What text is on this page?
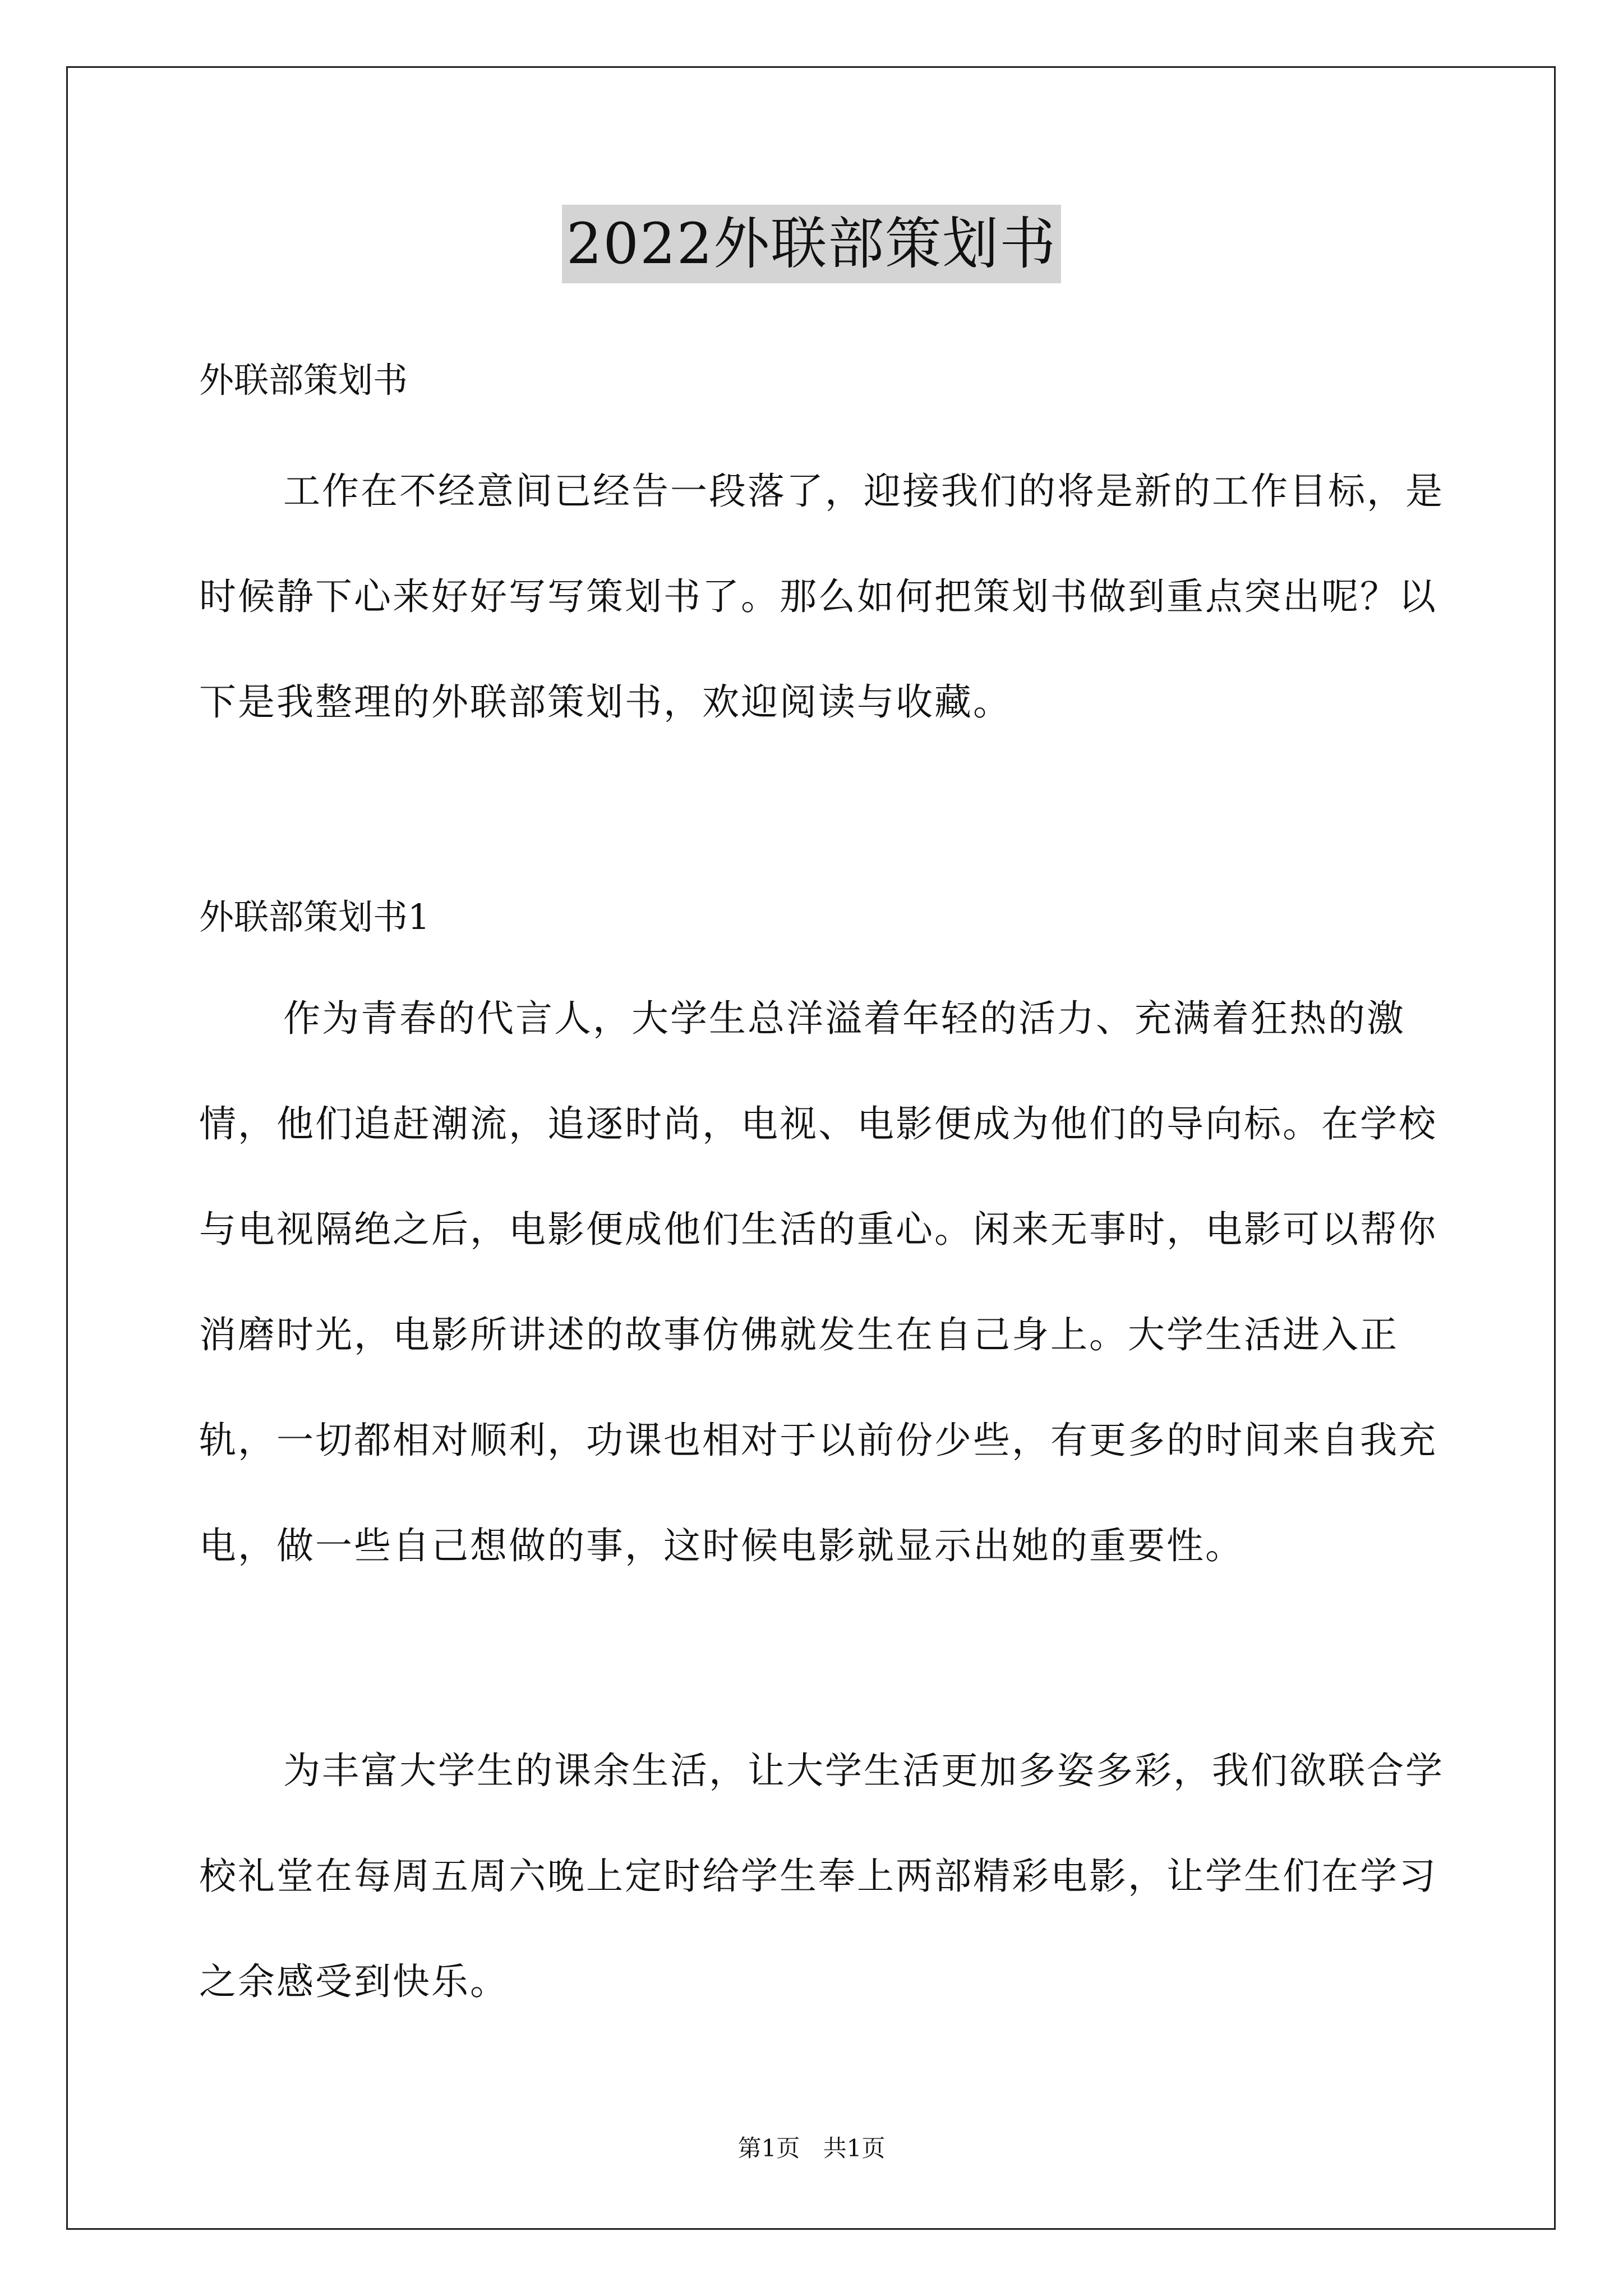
2022外联部策划书
外联部策划书

工作在不经意间已经告一段落了，迎接我们的将是新的工作目标，是时候静下心来好好写写策划书了。那么如何把策划书做到重点突出呢？以下是我整理的外联部策划书，欢迎阅读与收藏。

外联部策划书1

作为青春的代言人，大学生总洋溢着年轻的活力、充满着狂热的激情，他们追赶潮流，追逐时尚，电视、电影便成为他们的导向标。在学校与电视隔绝之后，电影便成他们生活的重心。闲来无事时，电影可以帮你消磨时光，电影所讲述的故事仿佛就发生在自己身上。大学生活进入正轨，一切都相对顺利，功课也相对于以前份少些，有更多的时间来自我充电，做一些自己想做的事，这时候电影就显示出她的重要性。

为丰富大学生的课余生活，让大学生活更加多姿多彩，我们欲联合学校礼堂在每周五周六晚上定时给学生奉上两部精彩电影，让学生们在学习之余感受到快乐。

第1页 共1页
